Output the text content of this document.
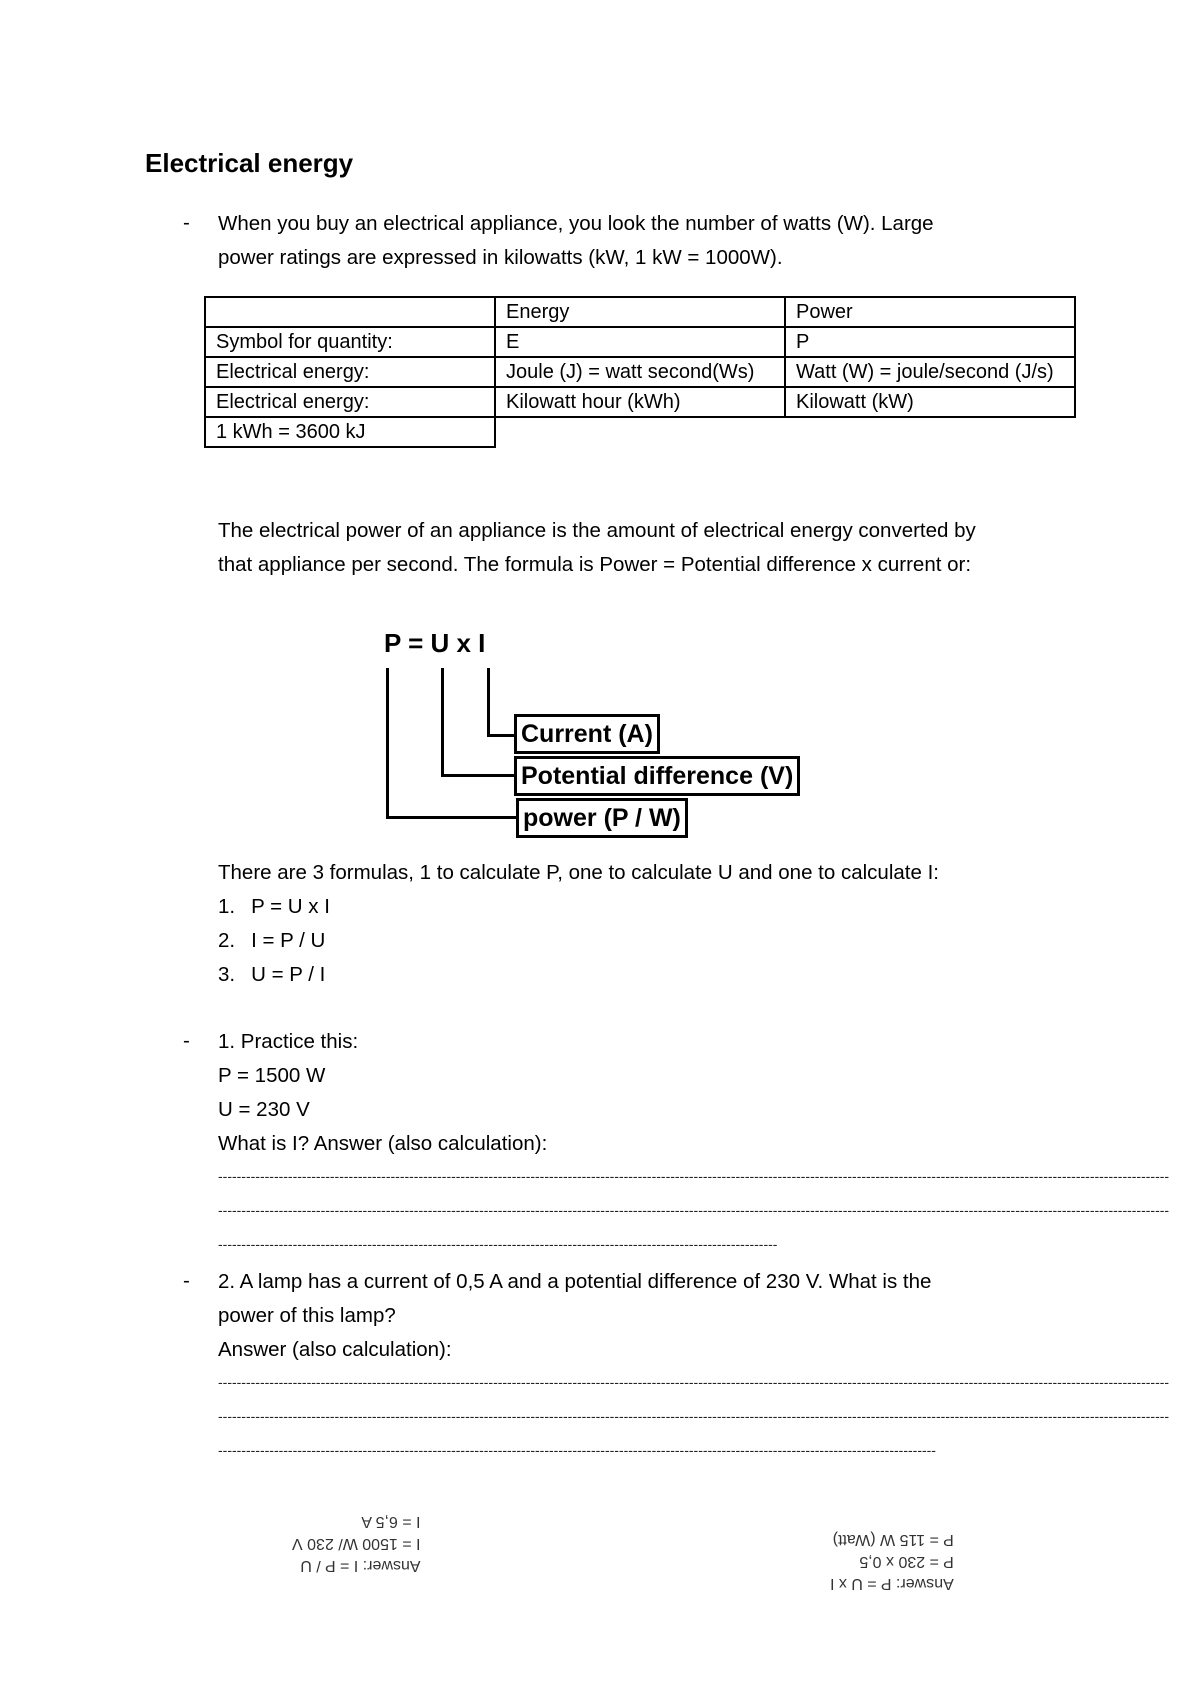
Electrical energy
- When you buy an electrical appliance, you look the number of watts (W). Large
power ratings are expressed in kilowatts (kW, 1 kW = 1000W).
	Energy	Power
Symbol for quantity:	E	P
Electrical energy:	Joule (J) = watt second(Ws)	Watt (W) = joule/second (J/s)
Electrical energy:	Kilowatt hour (kWh)	Kilowatt (kW)
1 kWh = 3600 kJ		
The electrical power of an appliance is the amount of electrical energy converted by
that appliance per second. The formula is Power = Potential difference x current or:
P = U x I
Current (A)
Potential difference (V)
power (P / W)
There are 3 formulas, 1 to calculate P, one to calculate U and one to calculate I:
1. P = U x I
2. I = P / U
3. U = P / I
- 1. Practice this:
P = 1500 W
U = 230 V
What is I? Answer (also calculation):
------------------------------------------------------------------------------------------------------------------------------------------------------------------------------------------------------------
------------------------------------------------------------------------------------------------------------------------------------------------------------------------------------------------------------
------------------------------------------------------------------------------------------------------------------------
- 2. A lamp has a current of 0,5 A and a potential difference of 230 V. What is the
power of this lamp?
Answer (also calculation):
------------------------------------------------------------------------------------------------------------------------------------------------------------------------------------------------------------
------------------------------------------------------------------------------------------------------------------------------------------------------------------------------------------------------------
----------------------------------------------------------------------------------------------------------------------------------------------------------
Answer: I = P / U
I = 1500 W/ 230 V
I = 6,5 A
Answer: P = U x I
P = 230 x 0,5
P = 115 W (Watt)
